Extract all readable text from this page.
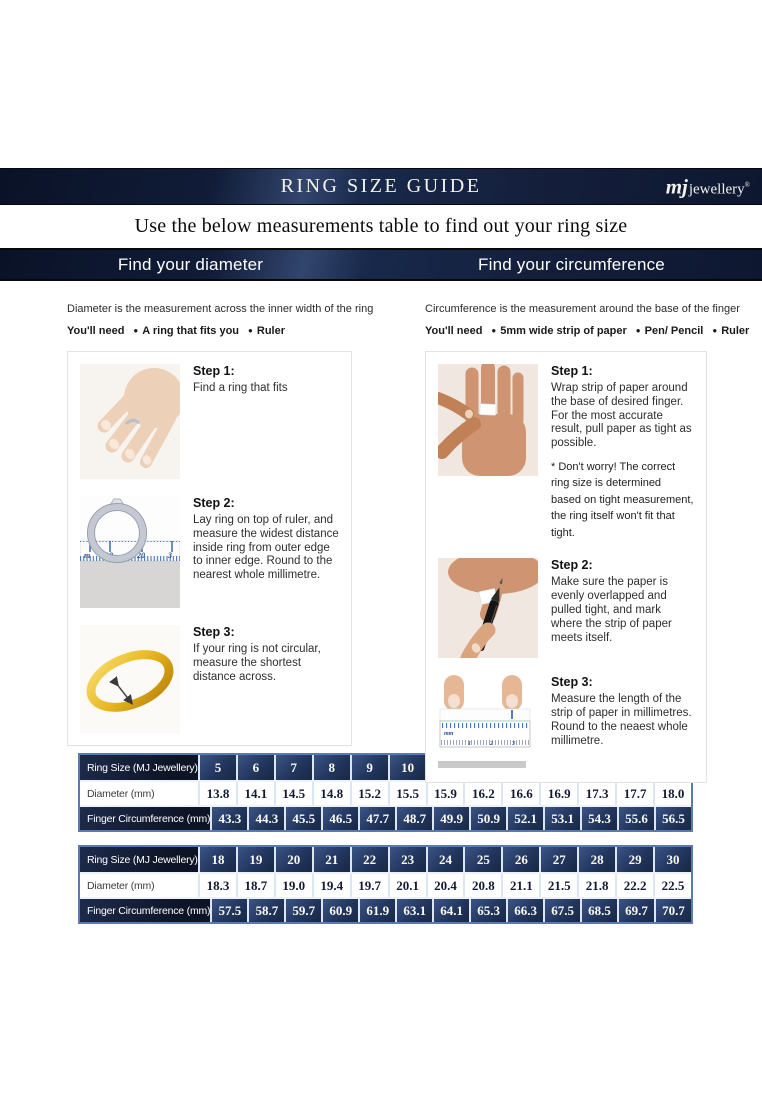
RING SIZE GUIDE	mjjewellery®
Use the below measurements table to find out your ring size
Find your diameter	Find your circumference
Diameter is the measurement across the inner width of the ring
You'll need ● A ring that fits you ● Ruler
Step 1:
Find a ring that fits
m 10	20	3
Step 2:
Lay ring on top of ruler, and measure the widest distance inside ring from outer edge to inner edge. Round to the nearest whole millimetre.
Step 3:
If your ring is not circular, measure the shortest distance across.
Circumference is the measurement around the base of the finger
You'll need ● 5mm wide strip of paper ● Pen/ Pencil ● Ruler
Step 1:
Wrap strip of paper around the base of desired finger. For the most accurate result, pull paper as tight as possible.
* Don't worry! The correct ring size is determined based on tight measurement, the ring itself won't fit that tight.
Step 2:
Make sure the paper is evenly overlapped and pulled tight, and mark where the strip of paper meets itself.
mm
1	2	3
Step 3:
Measure the length of the strip of paper in millimetres. Round to the neaest whole millimetre.
Ring Size (MJ Jewellery)	5	6	7	8	9	10
Diameter (mm)	13.8	14.1	14.5	14.8	15.2	15.5	15.9	16.2	16.6	16.9	17.3	17.7	18.0
Finger Circumference (mm) 43.3	44.3	45.5	46.5	47.7	48.7	49.9	50.9	52.1	53.1	54.3	55.6	56.5
Ring Size (MJ Jewellery)	18	19	20	21	22	23	24	25	26	27	28	29	30
Diameter (mm)	18.3	18.7	19.0	19.4	19.7	20.1	20.4	20.8	21.1	21.5	21.8	22.2	22.5
Finger Circumference (mm) 57.5	58.7	59.7	60.9	61.9	63.1	64.1	65.3	66.3	67.5	68.5	69.7	70.7
